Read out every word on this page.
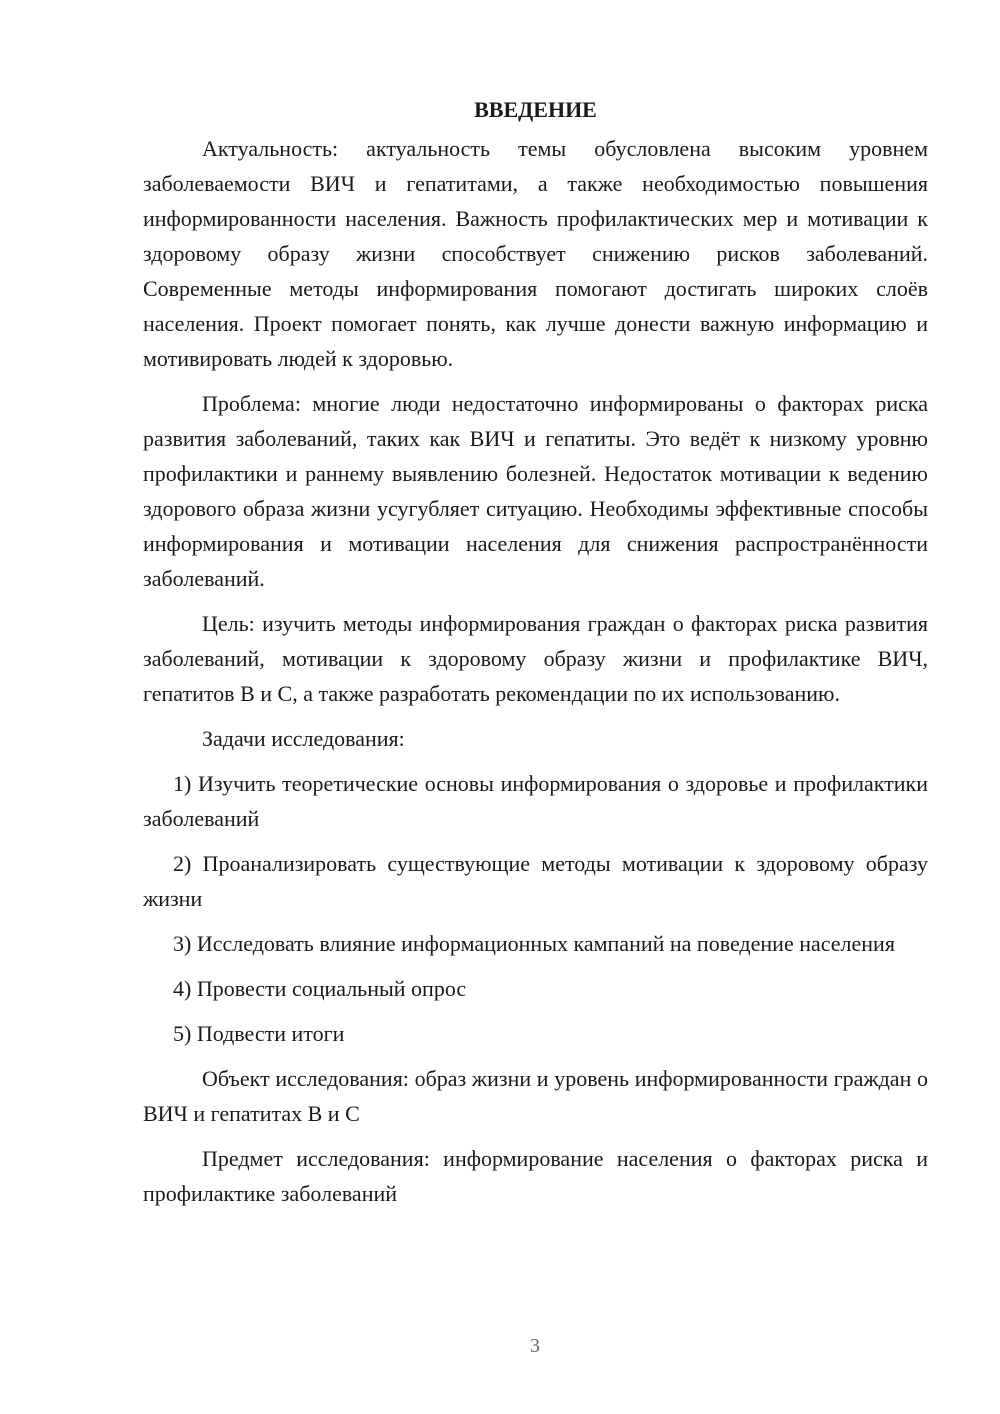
ВВЕДЕНИЕ

Актуальность: актуальность темы обусловлена высоким уровнем заболеваемости ВИЧ и гепатитами, а также необходимостью повышения информированности населения. Важность профилактических мер и мотивации к здоровому образу жизни способствует снижению рисков заболеваний. Современные методы информирования помогают достигать широких слоёв населения. Проект помогает понять, как лучше донести важную информацию и мотивировать людей к здоровью.

Проблема: многие люди недостаточно информированы о факторах риска развития заболеваний, таких как ВИЧ и гепатиты. Это ведёт к низкому уровню профилактики и раннему выявлению болезней. Недостаток мотивации к ведению здорового образа жизни усугубляет ситуацию. Необходимы эффективные способы информирования и мотивации населения для снижения распространённости заболеваний.

Цель: изучить методы информирования граждан о факторах риска развития заболеваний, мотивации к здоровому образу жизни и профилактике ВИЧ, гепатитов В и С, а также разработать рекомендации по их использованию.

Задачи исследования:

1) Изучить теоретические основы информирования о здоровье и профилактики заболеваний

2) Проанализировать существующие методы мотивации к здоровому образу жизни

3) Исследовать влияние информационных кампаний на поведение населения

4) Провести социальный опрос

5) Подвести итоги

Объект исследования: образ жизни и уровень информированности граждан о ВИЧ и гепатитах В и С

Предмет исследования: информирование населения о факторах риска и профилактике заболеваний

3
